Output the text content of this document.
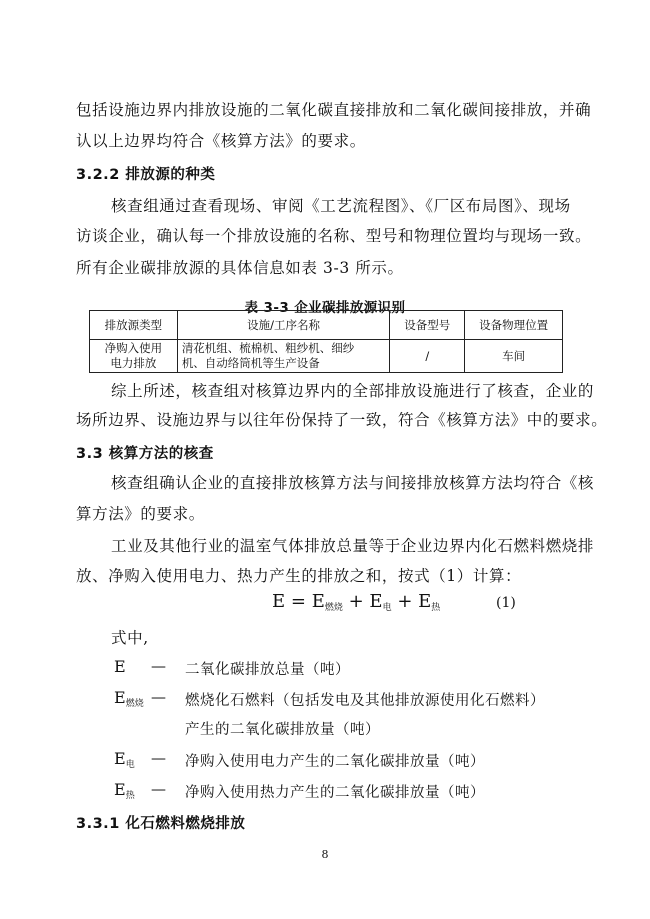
包括设施边界内排放设施的二氧化碳直接排放和二氧化碳间接排放，并确
认以上边界均符合《核算方法》的要求。
3.2.2 排放源的种类
核查组通过查看现场、审阅《工艺流程图》、《厂区布局图》、现场
访谈企业，确认每一个排放设施的名称、型号和物理位置均与现场一致。
所有企业碳排放源的具体信息如表 3-3 所示。
表 3-3 企业碳排放源识别
排放源类型	设施/工序名称	设备型号	设备物理位置
净购入使用
电力排放	清花机组、梳棉机、粗纱机、细纱
机、自动络筒机等生产设备	/	车间
综上所述，核查组对核算边界内的全部排放设施进行了核查，企业的
场所边界、设施边界与以往年份保持了一致，符合《核算方法》中的要求。
3.3 核算方法的核查
核查组确认企业的直接排放核算方法与间接排放核算方法均符合《核
算方法》的要求。
工业及其他行业的温室气体排放总量等于企业边界内化石燃料燃烧排
放、净购入使用电力、热力产生的排放之和，按式（1）计算：
$E = E_{燃烧} + E_电 + E_热$	(1)
式中,
E — 二氧化碳排放总量（吨）
$E_{燃烧}$ — 燃烧化石燃料（包括发电及其他排放源使用化石燃料）
产生的二氧化碳排放量（吨）
$E_电$ — 净购入使用电力产生的二氧化碳排放量（吨）
$E_热$ — 净购入使用热力产生的二氧化碳排放量（吨）
3.3.1 化石燃料燃烧排放
8
